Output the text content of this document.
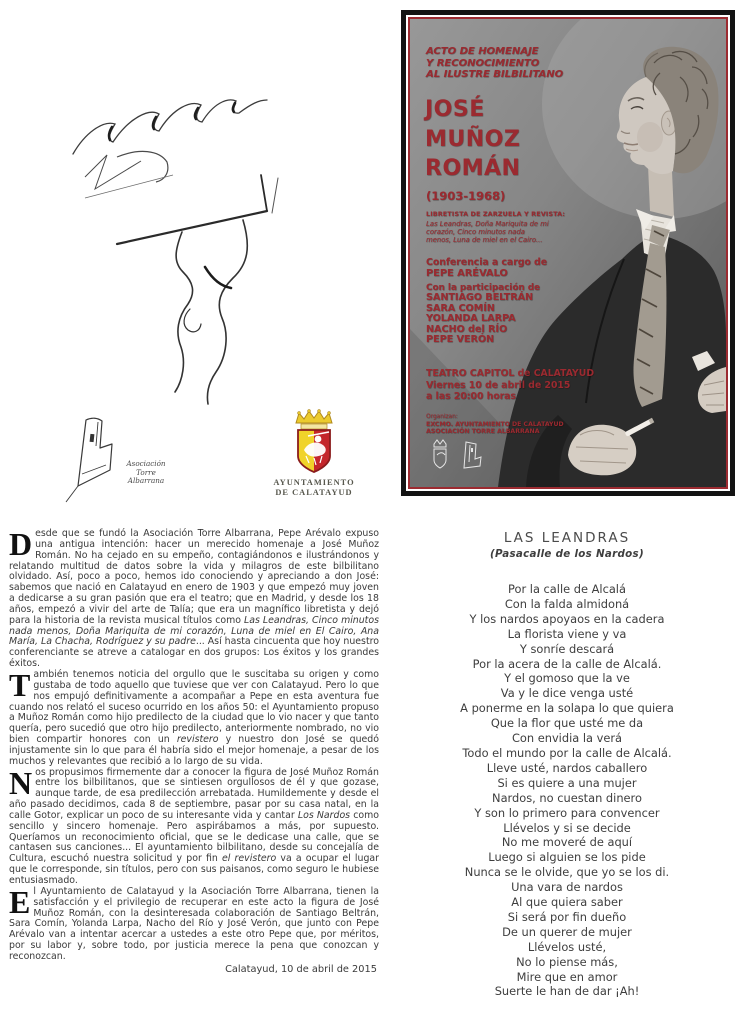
Asociación
Torre
Albarrana	AYUNTAMIENTO
DE CALATAYUD
ACTO DE HOMENAJE
Y RECONOCIMIENTO
AL ILUSTRE BILBILITANO
JOSÉ
MUÑOZ
ROMÁN
(1903-1968)
LIBRETISTA DE ZARZUELA Y REVISTA:
Las Leandras, Doña Mariquita de mi corazón, Cinco minutos nada menos, Luna de miel en el Cairo...
Conferencia a cargo de
PEPE ARÉVALO
Con la participación de
SANTIAGO BELTRÁN
SARA COMÍN
YOLANDA LARPA
NACHO del RÍO
PEPE VERÓN
TEATRO CAPITOL de CALATAYUD
Viernes 10 de abril de 2015
a las 20:00 horas
Organizan:
EXCMO. AYUNTAMIENTO DE CALATAYUD
ASOCIACIÓN TORRE ALBARRANA

Desde que se fundó la Asociación Torre Albarrana, Pepe Arévalo expuso una antigua intención: hacer un merecido homenaje a José Muñoz Román. No ha cejado en su empeño, contagiándonos e ilustrándonos y relatando multitud de datos sobre la vida y milagros de este bilbilitano olvidado. Así, poco a poco, hemos ido conociendo y apreciando a don José: sabemos que nació en Calatayud en enero de 1903 y que empezó muy joven a dedicarse a su gran pasión que era el teatro; que en Madrid, y desde los 18 años, empezó a vivir del arte de Talía; que era un magnífico libretista y dejó para la historia de la revista musical títulos como Las Leandras, Cinco minutos nada menos, Doña Mariquita de mi corazón, Luna de miel en El Cairo, Ana María, La Chacha, Rodríguez y su padre... Así hasta cincuenta que hoy nuestro conferenciante se atreve a catalogar en dos grupos: Los éxitos y los grandes éxitos.

También tenemos noticia del orgullo que le suscitaba su origen y como gustaba de todo aquello que tuviese que ver con Calatayud. Pero lo que nos empujó definitivamente a acompañar a Pepe en esta aventura fue cuando nos relató el suceso ocurrido en los años 50: el Ayuntamiento propuso a Muñoz Román como hijo predilecto de la ciudad que lo vio nacer y que tanto quería, pero sucedió que otro hijo predilecto, anteriormente nombrado, no vio bien compartir honores con un revistero y nuestro don José se quedó injustamente sin lo que para él habría sido el mejor homenaje, a pesar de los muchos y relevantes que recibió a lo largo de su vida.

Nos propusimos firmemente dar a conocer la figura de José Muñoz Román entre los bilbilitanos, que se sintiesen orgullosos de él y que gozase, aunque tarde, de esa predilección arrebatada. Humildemente y desde el año pasado decidimos, cada 8 de septiembre, pasar por su casa natal, en la calle Gotor, explicar un poco de su interesante vida y cantar Los Nardos como sencillo y sincero homenaje. Pero aspirábamos a más, por supuesto. Queríamos un reconocimiento oficial, que se le dedicase una calle, que se cantasen sus canciones... El ayuntamiento bilbilitano, desde su concejalía de Cultura, escuchó nuestra solicitud y por fin el revistero va a ocupar el lugar que le corresponde, sin títulos, pero con sus paisanos, como seguro le hubiese entusiasmado.

El Ayuntamiento de Calatayud y la Asociación Torre Albarrana, tienen la satisfacción y el privilegio de recuperar en este acto la figura de José Muñoz Román, con la desinteresada colaboración de Santiago Beltrán, Sara Comín, Yolanda Larpa, Nacho del Río y José Verón, que junto con Pepe Arévalo van a intentar acercar a ustedes a este otro Pepe que, por méritos, por su labor y, sobre todo, por justicia merece la pena que conozcan y reconozcan.

Calatayud, 10 de abril de 2015
LAS LEANDRAS
(Pasacalle de los Nardos)
Por la calle de Alcalá
Con la falda almidoná
Y los nardos apoyaos en la cadera
La florista viene y va
Y sonríe descará
Por la acera de la calle de Alcalá.
Y el gomoso que la ve
Va y le dice venga usté
A ponerme en la solapa lo que quiera
Que la flor que usté me da
Con envidia la verá
Todo el mundo por la calle de Alcalá.
Lleve usté, nardos caballero
Si es quiere a una mujer
Nardos, no cuestan dinero
Y son lo primero para convencer
Llévelos y si se decide
No me moveré de aquí
Luego si alguien se los pide
Nunca se le olvide, que yo se los di.
Una vara de nardos
Al que quiera saber
Si será por fin dueño
De un querer de mujer
Llévelos usté,
No lo piense más,
Mire que en amor
Suerte le han de dar ¡Ah!
